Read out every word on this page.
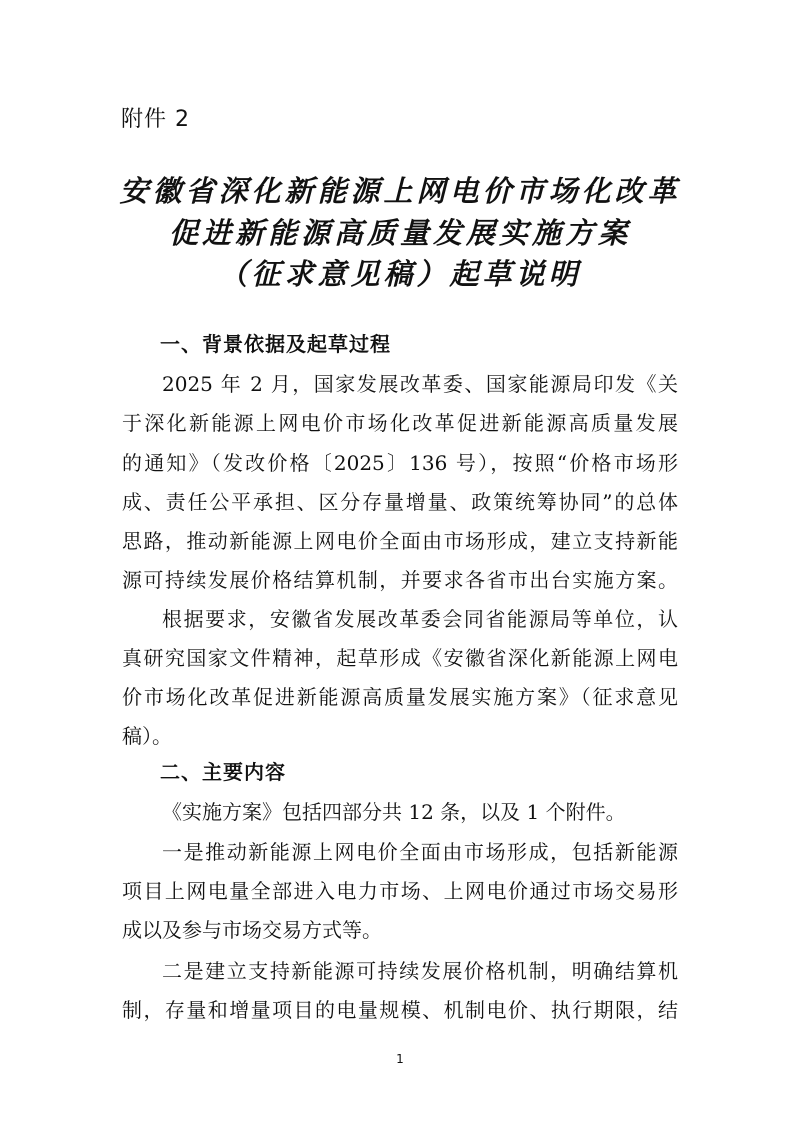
附件 2
安徽省深化新能源上网电价市场化改革
促进新能源高质量发展实施方案
（征求意见稿）起草说明
一、背景依据及起草过程
2025 年 2 月，国家发展改革委、国家能源局印发《关
于深化新能源上网电价市场化改革促进新能源高质量发展
的通知》（发改价格〔2025〕136 号），按照“价格市场形
成、责任公平承担、区分存量增量、政策统筹协同”的总体
思路，推动新能源上网电价全面由市场形成，建立支持新能
源可持续发展价格结算机制，并要求各省市出台实施方案。
根据要求，安徽省发展改革委会同省能源局等单位，认
真研究国家文件精神，起草形成《安徽省深化新能源上网电
价市场化改革促进新能源高质量发展实施方案》（征求意见
稿）。
二、主要内容
《实施方案》包括四部分共 12 条，以及 1 个附件。
一是推动新能源上网电价全面由市场形成，包括新能源
项目上网电量全部进入电力市场、上网电价通过市场交易形
成以及参与市场交易方式等。
二是建立支持新能源可持续发展价格机制，明确结算机
制，存量和增量项目的电量规模、机制电价、执行期限，结
1
